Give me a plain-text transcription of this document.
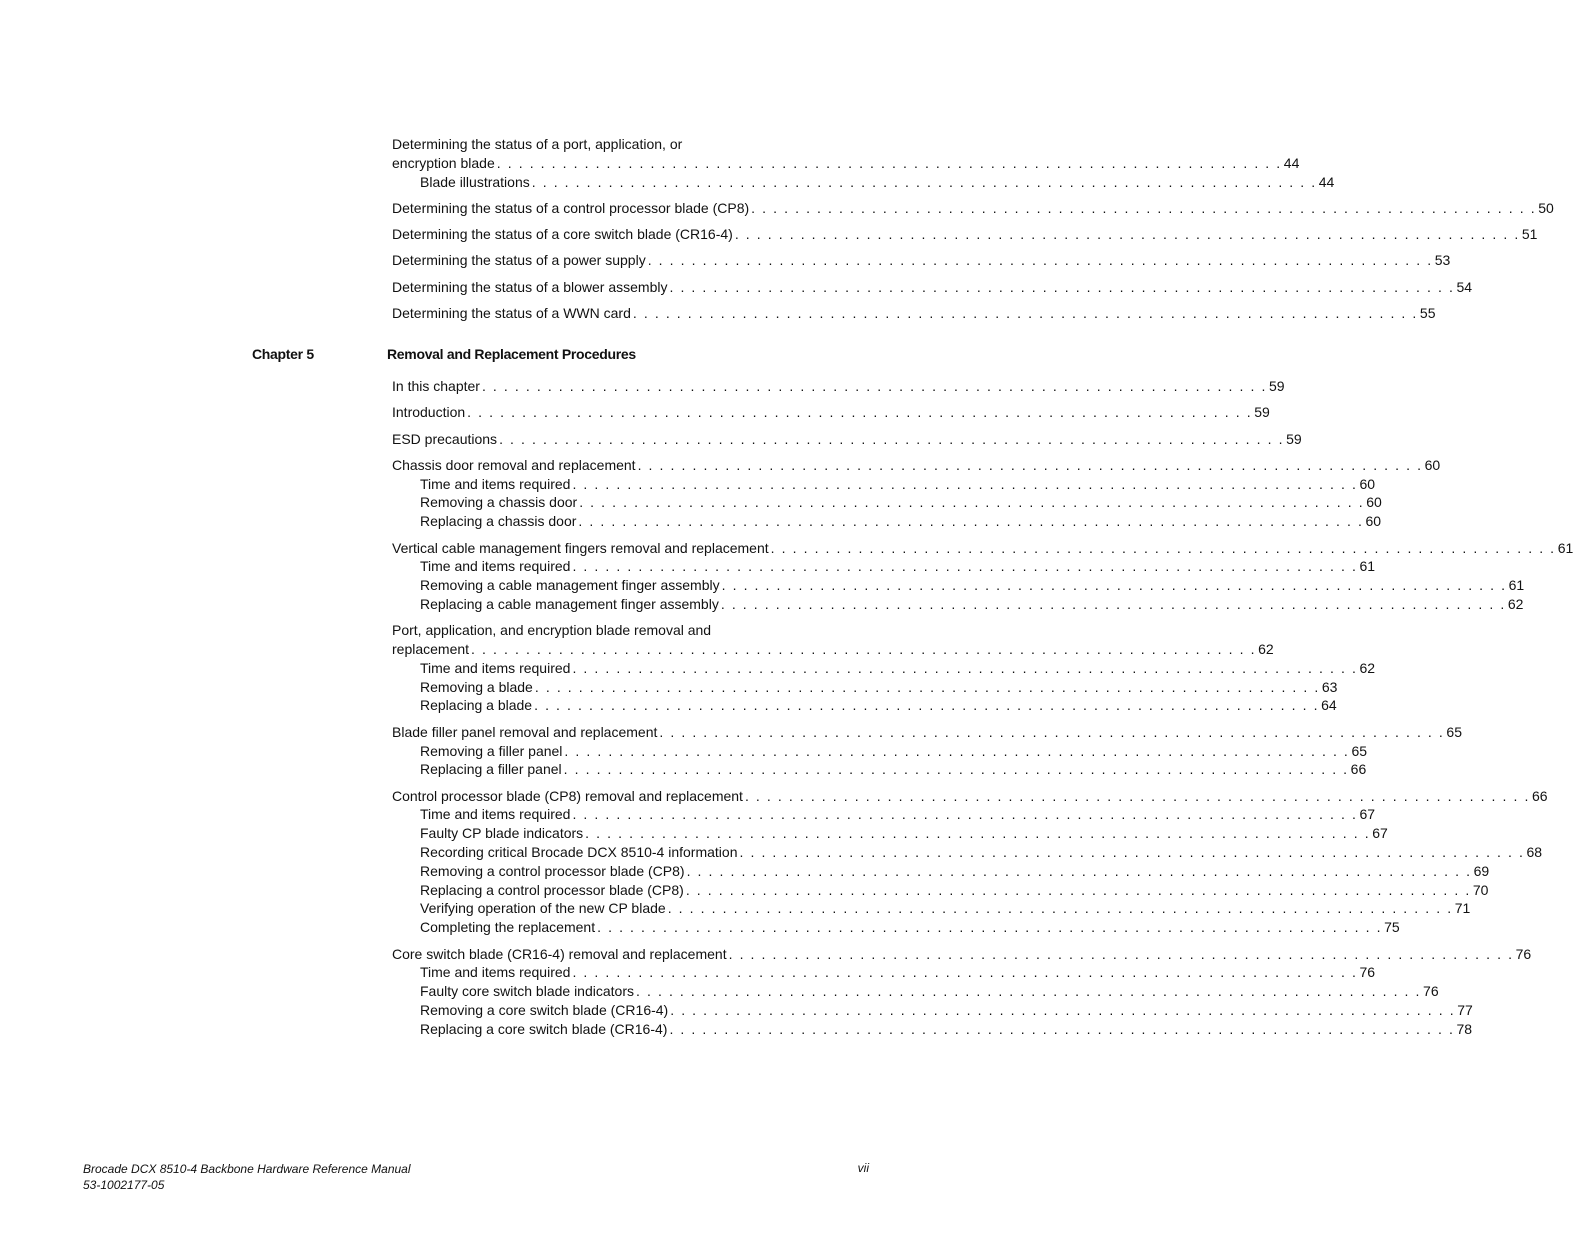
Determining the status of a port, application, or
encryption blade . . . . . . . . . . . . . . . . . . . . . . . . . . . . . . . . . . . . . . . . . . . . . . . . . . . . . . . . . . . . . . . . . . . . . . . . 44
Blade illustrations . . . . . . . . . . . . . . . . . . . . . . . . . . . . . . . . . . . . . . . . . . . . . . . . . . . . . . . . . . . . . . . . . . . . . . . . 44
Determining the status of a control processor blade (CP8) . . . . . . . . . . . . . . . . . . . . . . . . . . . . . . . . . . . . . . . . . . . . . . . . . . . . . . . . . . . . . . . . . . . . . . . . 50
Determining the status of a core switch blade (CR16-4) . . . . . . . . . . . . . . . . . . . . . . . . . . . . . . . . . . . . . . . . . . . . . . . . . . . . . . . . . . . . . . . . . . . . . . . . 51
Determining the status of a power supply . . . . . . . . . . . . . . . . . . . . . . . . . . . . . . . . . . . . . . . . . . . . . . . . . . . . . . . . . . . . . . . . . . . . . . . . 53
Determining the status of a blower assembly . . . . . . . . . . . . . . . . . . . . . . . . . . . . . . . . . . . . . . . . . . . . . . . . . . . . . . . . . . . . . . . . . . . . . . . . 54
Determining the status of a WWN card . . . . . . . . . . . . . . . . . . . . . . . . . . . . . . . . . . . . . . . . . . . . . . . . . . . . . . . . . . . . . . . . . . . . . . . . 55
Chapter 5	Removal and Replacement Procedures
In this chapter . . . . . . . . . . . . . . . . . . . . . . . . . . . . . . . . . . . . . . . . . . . . . . . . . . . . . . . . . . . . . . . . . . . . . . . . 59
Introduction . . . . . . . . . . . . . . . . . . . . . . . . . . . . . . . . . . . . . . . . . . . . . . . . . . . . . . . . . . . . . . . . . . . . . . . . 59
ESD precautions . . . . . . . . . . . . . . . . . . . . . . . . . . . . . . . . . . . . . . . . . . . . . . . . . . . . . . . . . . . . . . . . . . . . . . . . 59
Chassis door removal and replacement . . . . . . . . . . . . . . . . . . . . . . . . . . . . . . . . . . . . . . . . . . . . . . . . . . . . . . . . . . . . . . . . . . . . . . . . 60
Time and items required . . . . . . . . . . . . . . . . . . . . . . . . . . . . . . . . . . . . . . . . . . . . . . . . . . . . . . . . . . . . . . . . . . . . . . . . 60
Removing a chassis door . . . . . . . . . . . . . . . . . . . . . . . . . . . . . . . . . . . . . . . . . . . . . . . . . . . . . . . . . . . . . . . . . . . . . . . . 60
Replacing a chassis door . . . . . . . . . . . . . . . . . . . . . . . . . . . . . . . . . . . . . . . . . . . . . . . . . . . . . . . . . . . . . . . . . . . . . . . . 60
Vertical cable management fingers removal and replacement . . . . . . . . . . . . . . . . . . . . . . . . . . . . . . . . . . . . . . . . . . . . . . . . . . . . . . . . . . . . . . . . . . . . . . . . 61
Time and items required . . . . . . . . . . . . . . . . . . . . . . . . . . . . . . . . . . . . . . . . . . . . . . . . . . . . . . . . . . . . . . . . . . . . . . . . 61
Removing a cable management finger assembly . . . . . . . . . . . . . . . . . . . . . . . . . . . . . . . . . . . . . . . . . . . . . . . . . . . . . . . . . . . . . . . . . . . . . . . . 61
Replacing a cable management finger assembly . . . . . . . . . . . . . . . . . . . . . . . . . . . . . . . . . . . . . . . . . . . . . . . . . . . . . . . . . . . . . . . . . . . . . . . . 62
Port, application, and encryption blade removal and
replacement . . . . . . . . . . . . . . . . . . . . . . . . . . . . . . . . . . . . . . . . . . . . . . . . . . . . . . . . . . . . . . . . . . . . . . . . 62
Time and items required . . . . . . . . . . . . . . . . . . . . . . . . . . . . . . . . . . . . . . . . . . . . . . . . . . . . . . . . . . . . . . . . . . . . . . . . 62
Removing a blade . . . . . . . . . . . . . . . . . . . . . . . . . . . . . . . . . . . . . . . . . . . . . . . . . . . . . . . . . . . . . . . . . . . . . . . . 63
Replacing a blade . . . . . . . . . . . . . . . . . . . . . . . . . . . . . . . . . . . . . . . . . . . . . . . . . . . . . . . . . . . . . . . . . . . . . . . . 64
Blade filler panel removal and replacement . . . . . . . . . . . . . . . . . . . . . . . . . . . . . . . . . . . . . . . . . . . . . . . . . . . . . . . . . . . . . . . . . . . . . . . . 65
Removing a filler panel . . . . . . . . . . . . . . . . . . . . . . . . . . . . . . . . . . . . . . . . . . . . . . . . . . . . . . . . . . . . . . . . . . . . . . . . 65
Replacing a filler panel . . . . . . . . . . . . . . . . . . . . . . . . . . . . . . . . . . . . . . . . . . . . . . . . . . . . . . . . . . . . . . . . . . . . . . . . 66
Control processor blade (CP8) removal and replacement . . . . . . . . . . . . . . . . . . . . . . . . . . . . . . . . . . . . . . . . . . . . . . . . . . . . . . . . . . . . . . . . . . . . . . . . 66
Time and items required . . . . . . . . . . . . . . . . . . . . . . . . . . . . . . . . . . . . . . . . . . . . . . . . . . . . . . . . . . . . . . . . . . . . . . . . 67
Faulty CP blade indicators . . . . . . . . . . . . . . . . . . . . . . . . . . . . . . . . . . . . . . . . . . . . . . . . . . . . . . . . . . . . . . . . . . . . . . . . 67
Recording critical Brocade DCX 8510-4 information . . . . . . . . . . . . . . . . . . . . . . . . . . . . . . . . . . . . . . . . . . . . . . . . . . . . . . . . . . . . . . . . . . . . . . . . 68
Removing a control processor blade (CP8) . . . . . . . . . . . . . . . . . . . . . . . . . . . . . . . . . . . . . . . . . . . . . . . . . . . . . . . . . . . . . . . . . . . . . . . . 69
Replacing a control processor blade (CP8) . . . . . . . . . . . . . . . . . . . . . . . . . . . . . . . . . . . . . . . . . . . . . . . . . . . . . . . . . . . . . . . . . . . . . . . . 70
Verifying operation of the new CP blade . . . . . . . . . . . . . . . . . . . . . . . . . . . . . . . . . . . . . . . . . . . . . . . . . . . . . . . . . . . . . . . . . . . . . . . . 71
Completing the replacement . . . . . . . . . . . . . . . . . . . . . . . . . . . . . . . . . . . . . . . . . . . . . . . . . . . . . . . . . . . . . . . . . . . . . . . . 75
Core switch blade (CR16-4) removal and replacement . . . . . . . . . . . . . . . . . . . . . . . . . . . . . . . . . . . . . . . . . . . . . . . . . . . . . . . . . . . . . . . . . . . . . . . . 76
Time and items required . . . . . . . . . . . . . . . . . . . . . . . . . . . . . . . . . . . . . . . . . . . . . . . . . . . . . . . . . . . . . . . . . . . . . . . . 76
Faulty core switch blade indicators . . . . . . . . . . . . . . . . . . . . . . . . . . . . . . . . . . . . . . . . . . . . . . . . . . . . . . . . . . . . . . . . . . . . . . . . 76
Removing a core switch blade (CR16-4) . . . . . . . . . . . . . . . . . . . . . . . . . . . . . . . . . . . . . . . . . . . . . . . . . . . . . . . . . . . . . . . . . . . . . . . . 77
Replacing a core switch blade (CR16-4) . . . . . . . . . . . . . . . . . . . . . . . . . . . . . . . . . . . . . . . . . . . . . . . . . . . . . . . . . . . . . . . . . . . . . . . . 78
Brocade DCX 8510-4 Backbone Hardware Reference Manual
53-1002177-05
vii
